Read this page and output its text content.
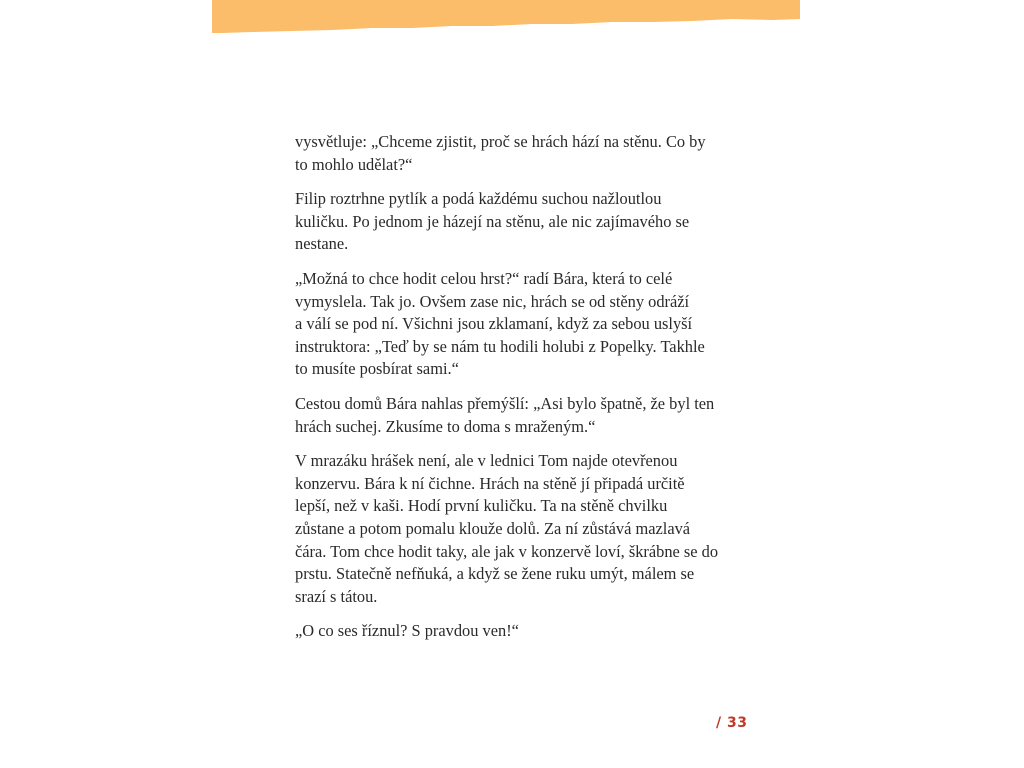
vysvětluje: „Chceme zjistit, proč se hrách hází na stěnu. Co by
to mohlo udělat?“

Filip roztrhne pytlík a podá každému suchou nažloutlou
kuličku. Po jednom je házejí na stěnu, ale nic zajímavého se
nestane.

„Možná to chce hodit celou hrst?“ radí Bára, která to celé
vymyslela. Tak jo. Ovšem zase nic, hrách se od stěny odráží
a válí se pod ní. Všichni jsou zklamaní, když za sebou uslyší
instruktora: „Teď by se nám tu hodili holubi z Popelky. Takhle
to musíte posbírat sami.“

Cestou domů Bára nahlas přemýšlí: „Asi bylo špatně, že byl ten
hrách suchej. Zkusíme to doma s mraženým.“

V mrazáku hrášek není, ale v lednici Tom najde otevřenou
konzervu. Bára k ní čichne. Hrách na stěně jí připadá určitě
lepší, než v kaši. Hodí první kuličku. Ta na stěně chvilku
zůstane a potom pomalu klouže dolů. Za ní zůstává mazlavá
čára. Tom chce hodit taky, ale jak v konzervě loví, škrábne se do
prstu. Statečně nefňuká, a když se žene ruku umýt, málem se
srazí s tátou.

„O co ses říznul? S pravdou ven!“

/ 33
